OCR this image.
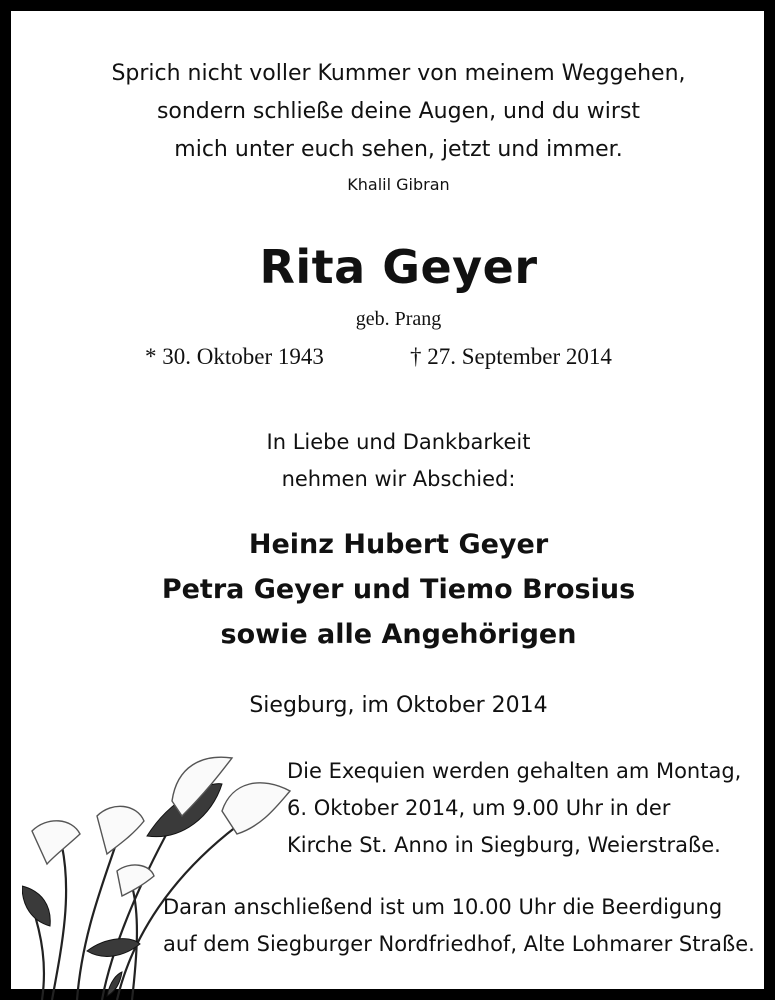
Sprich nicht voller Kummer von meinem Weggehen,
sondern schließe deine Augen, und du wirst
mich unter euch sehen, jetzt und immer.
Khalil Gibran
Rita Geyer
geb. Prang
* 30. Oktober 1943	† 27. September 2014
In Liebe und Dankbarkeit
nehmen wir Abschied:
Heinz Hubert Geyer
Petra Geyer und Tiemo Brosius
sowie alle Angehörigen
Siegburg, im Oktober 2014
Die Exequien werden gehalten am Montag,
6. Oktober 2014, um 9.00 Uhr in der
Kirche St. Anno in Siegburg, Weierstraße.
Daran anschließend ist um 10.00 Uhr die Beerdigung
auf dem Siegburger Nordfriedhof, Alte Lohmarer Straße.
